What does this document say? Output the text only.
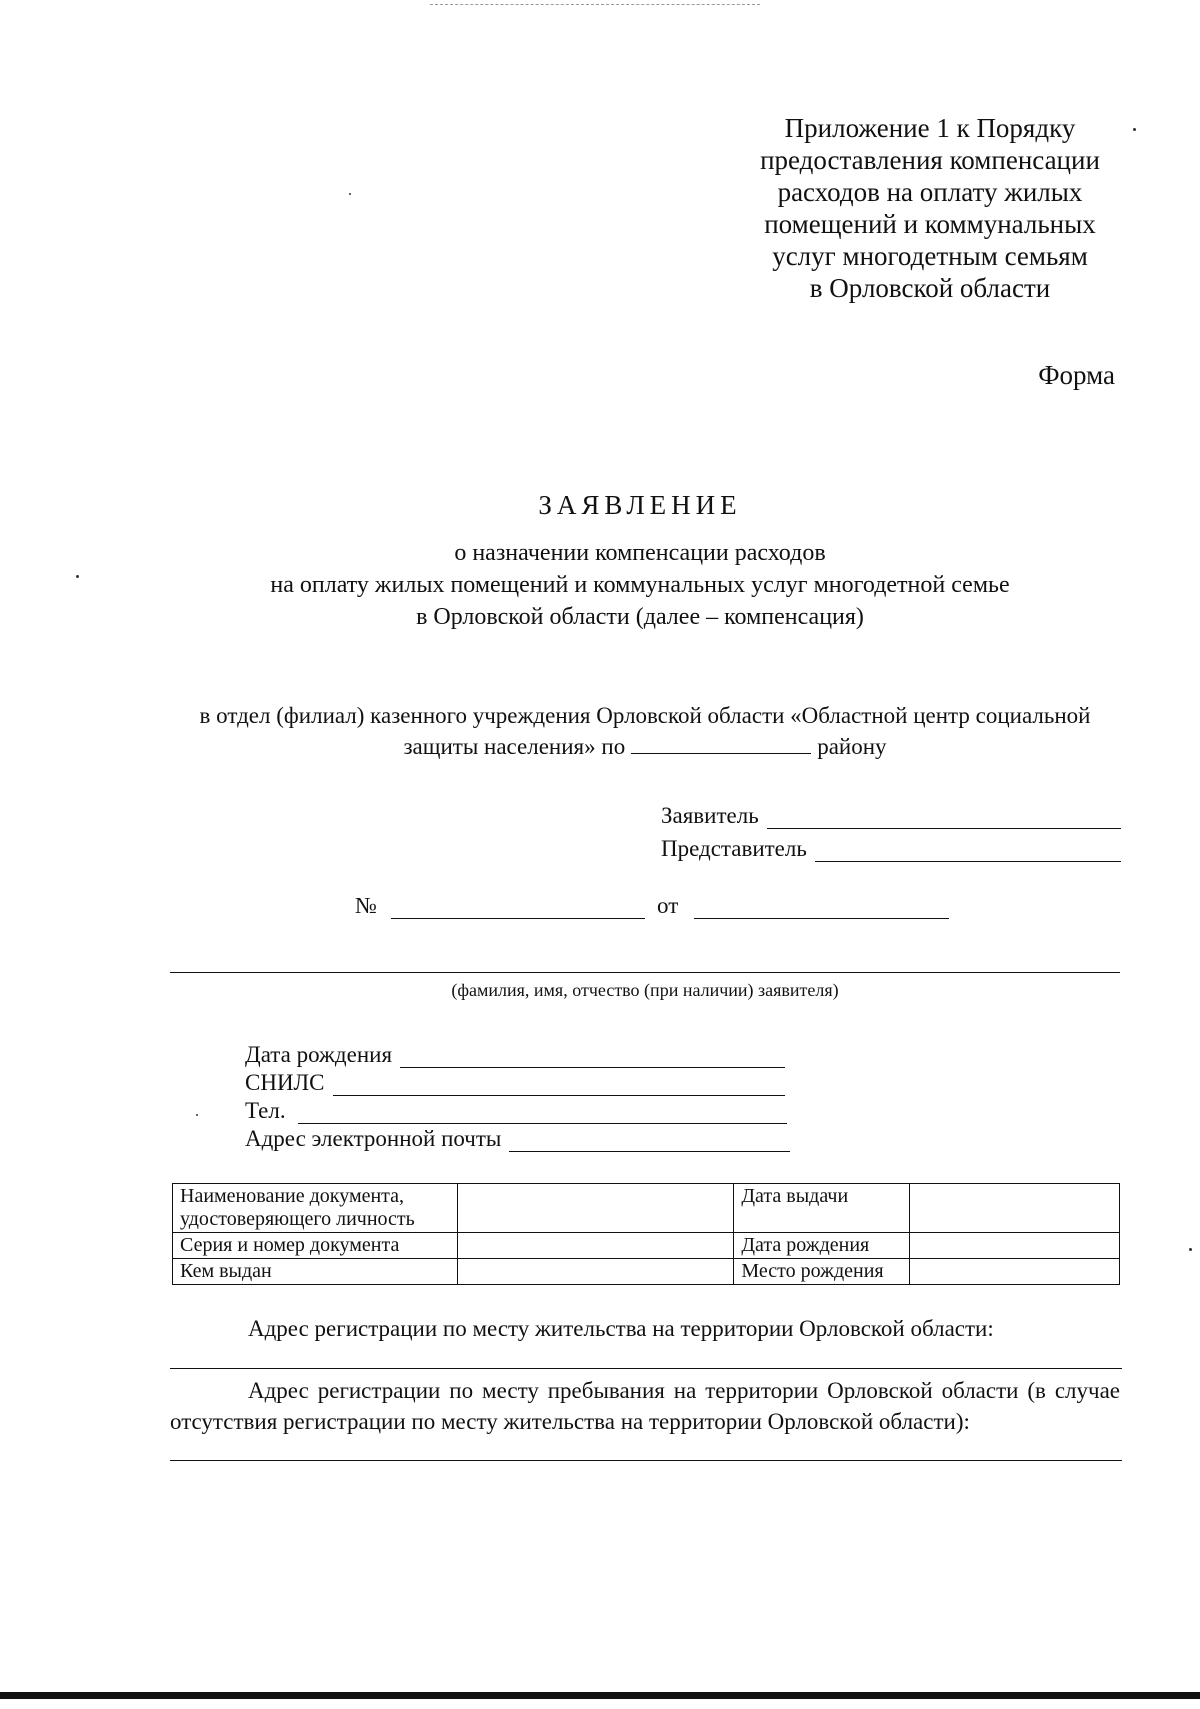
Приложение 1 к Порядку
предоставления компенсации
расходов на оплату жилых
помещений и коммунальных
услуг многодетным семьям
в Орловской области
Форма
ЗАЯВЛЕНИЕ
о назначении компенсации расходов
на оплату жилых помещений и коммунальных услуг многодетной семье
в Орловской области (далее – компенсация)
в отдел (филиал) казенного учреждения Орловской области «Областной центр социальной
защиты населения» по	району
Заявитель
Представитель
№	от
(фамилия, имя, отчество (при наличии) заявителя)
Дата рождения
СНИЛС
Тел.
Адрес электронной почты
Наименование документа, удостоверяющего личность		Дата выдачи	
Серия и номер документа		Дата рождения	
Кем выдан		Место рождения	
Адрес регистрации по месту жительства на территории Орловской области:
Адрес регистрации по месту пребывания на территории Орловской области (в случае отсутствия регистрации по месту жительства на территории Орловской области):
